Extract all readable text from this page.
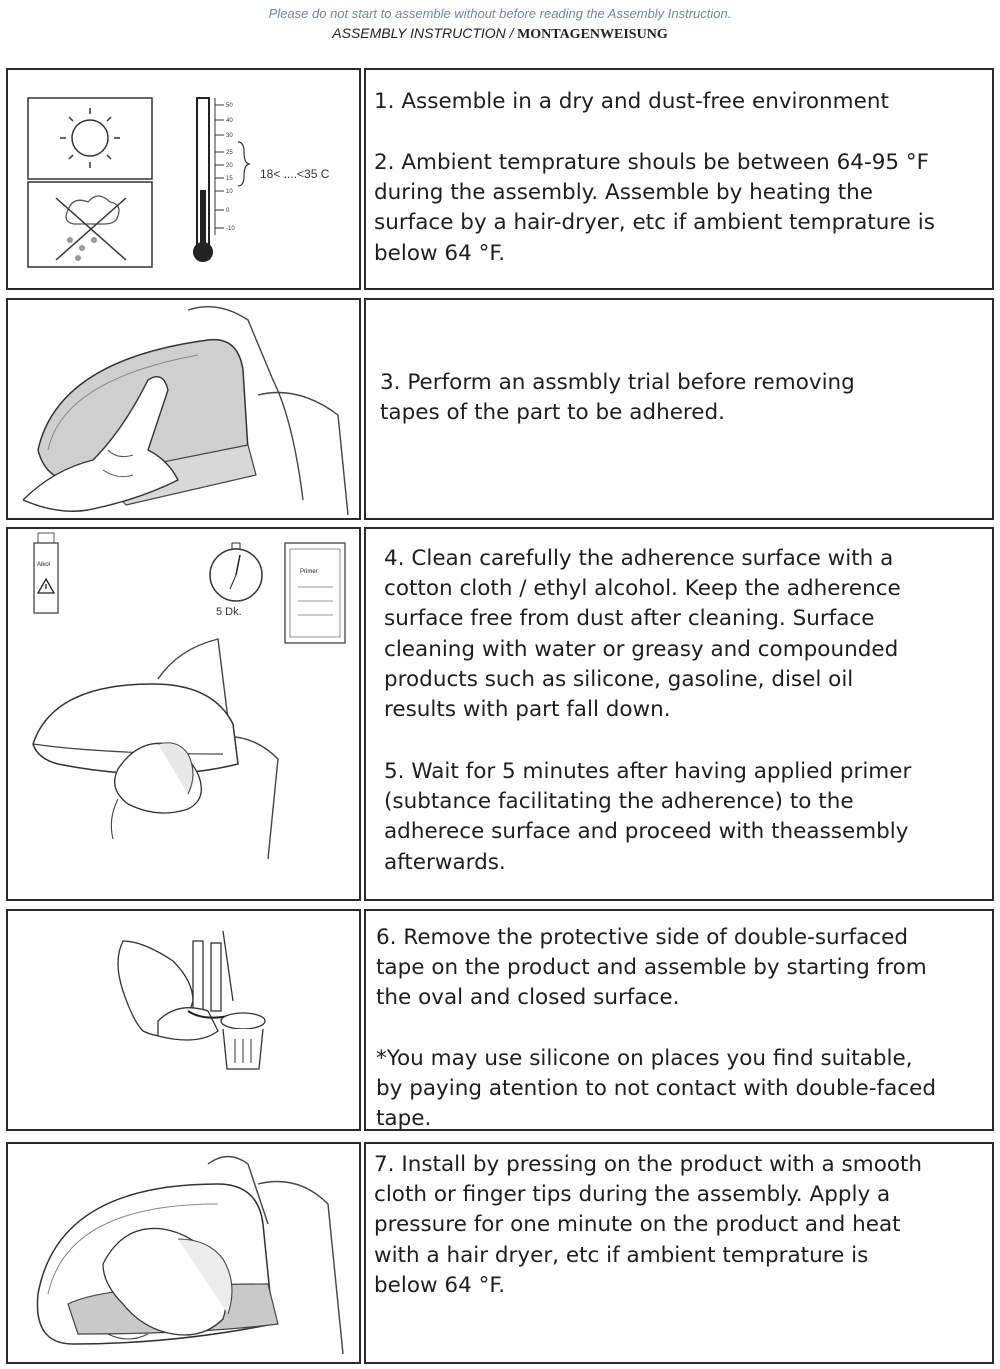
Please do not start to assemble without before reading the Assembly Instruction.
ASSEMBLY INSTRUCTION / MONTAGENWEISUNG
50
40
30
25
20
15
10
0
-10
18< ....<35 C
1. Assemble in a dry and dust-free environment
2. Ambient temprature shouls be between 64-95 °F
during the assembly. Assemble by heating the
surface by a hair-dryer, etc if ambient temprature is
below 64 °F.
3. Perform an assmbly trial before removing
tapes of the part to be adhered.
Alkol
5 Dk.
Primer
4. Clean carefully the adherence surface with a
cotton cloth / ethyl alcohol. Keep the adherence
surface free from dust after cleaning. Surface
cleaning with water or greasy and compounded
products such as silicone, gasoline, disel oil
results with part fall down.
5. Wait for 5 minutes after having applied primer
(subtance facilitating the adherence) to the
adherece surface and proceed with theassembly
afterwards.
6. Remove the protective side of double-surfaced
tape on the product and assemble by starting from
the oval and closed surface.
*You may use silicone on places you find suitable,
by paying atention to not contact with double-faced
tape.
7. Install by pressing on the product with a smooth
cloth or finger tips during the assembly. Apply a
pressure for one minute on the product and heat
with a hair dryer, etc if ambient temprature is
below 64 °F.
